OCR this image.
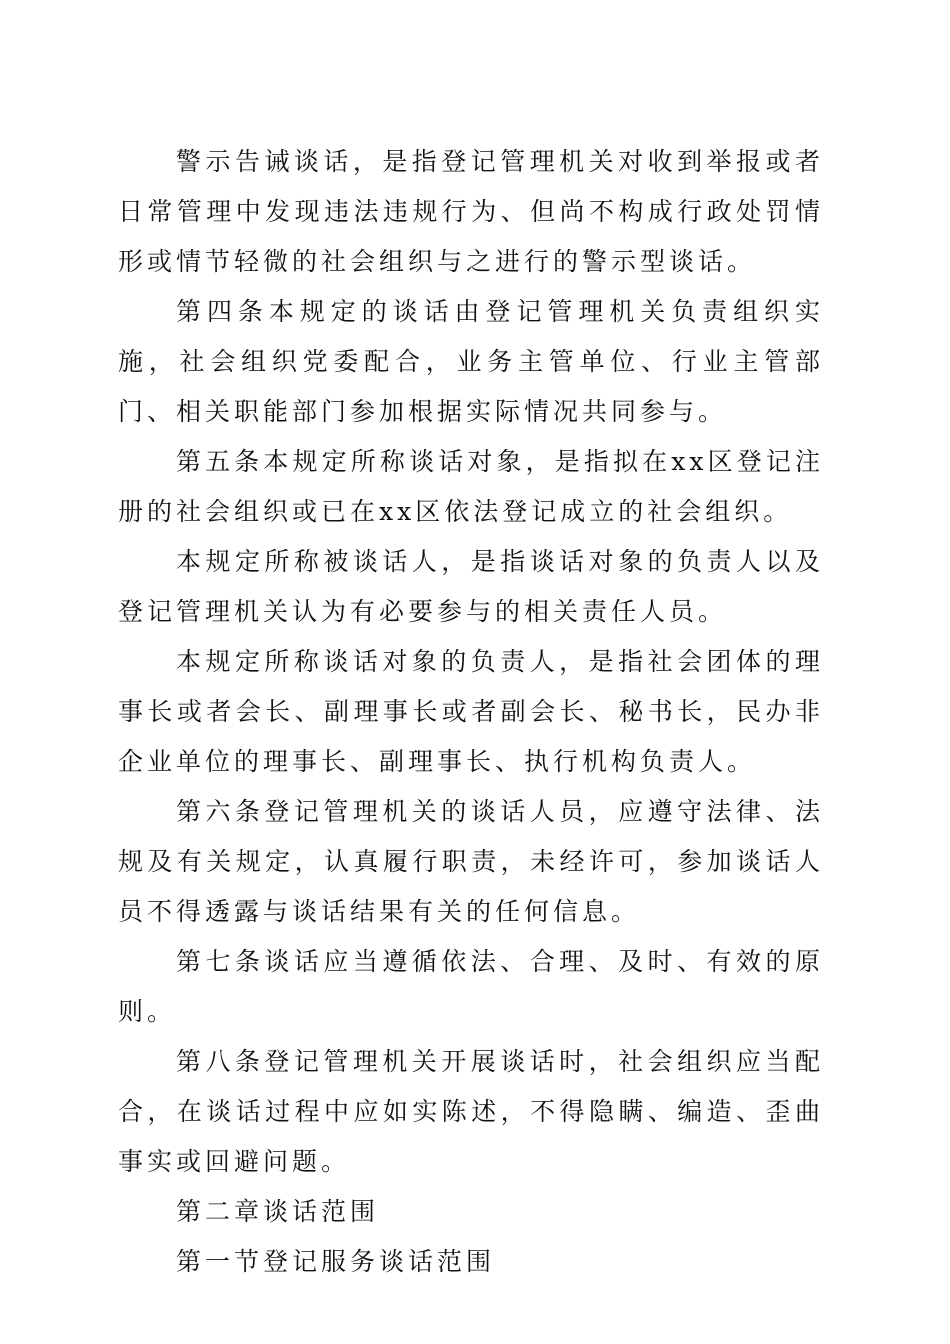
警示告诫谈话，是指登记管理机关对收到举报或者日常管理中发现违法违规行为、但尚不构成行政处罚情形或情节轻微的社会组织与之进行的警示型谈话。

第四条本规定的谈话由登记管理机关负责组织实施，社会组织党委配合，业务主管单位、行业主管部门、相关职能部门参加根据实际情况共同参与。

第五条本规定所称谈话对象，是指拟在xx区登记注册的社会组织或已在xx区依法登记成立的社会组织。

本规定所称被谈话人，是指谈话对象的负责人以及登记管理机关认为有必要参与的相关责任人员。

本规定所称谈话对象的负责人，是指社会团体的理事长或者会长、副理事长或者副会长、秘书长，民办非企业单位的理事长、副理事长、执行机构负责人。

第六条登记管理机关的谈话人员，应遵守法律、法规及有关规定，认真履行职责，未经许可，参加谈话人员不得透露与谈话结果有关的任何信息。

第七条谈话应当遵循依法、合理、及时、有效的原则。

第八条登记管理机关开展谈话时，社会组织应当配合，在谈话过程中应如实陈述，不得隐瞒、编造、歪曲事实或回避问题。

第二章谈话范围

第一节登记服务谈话范围
